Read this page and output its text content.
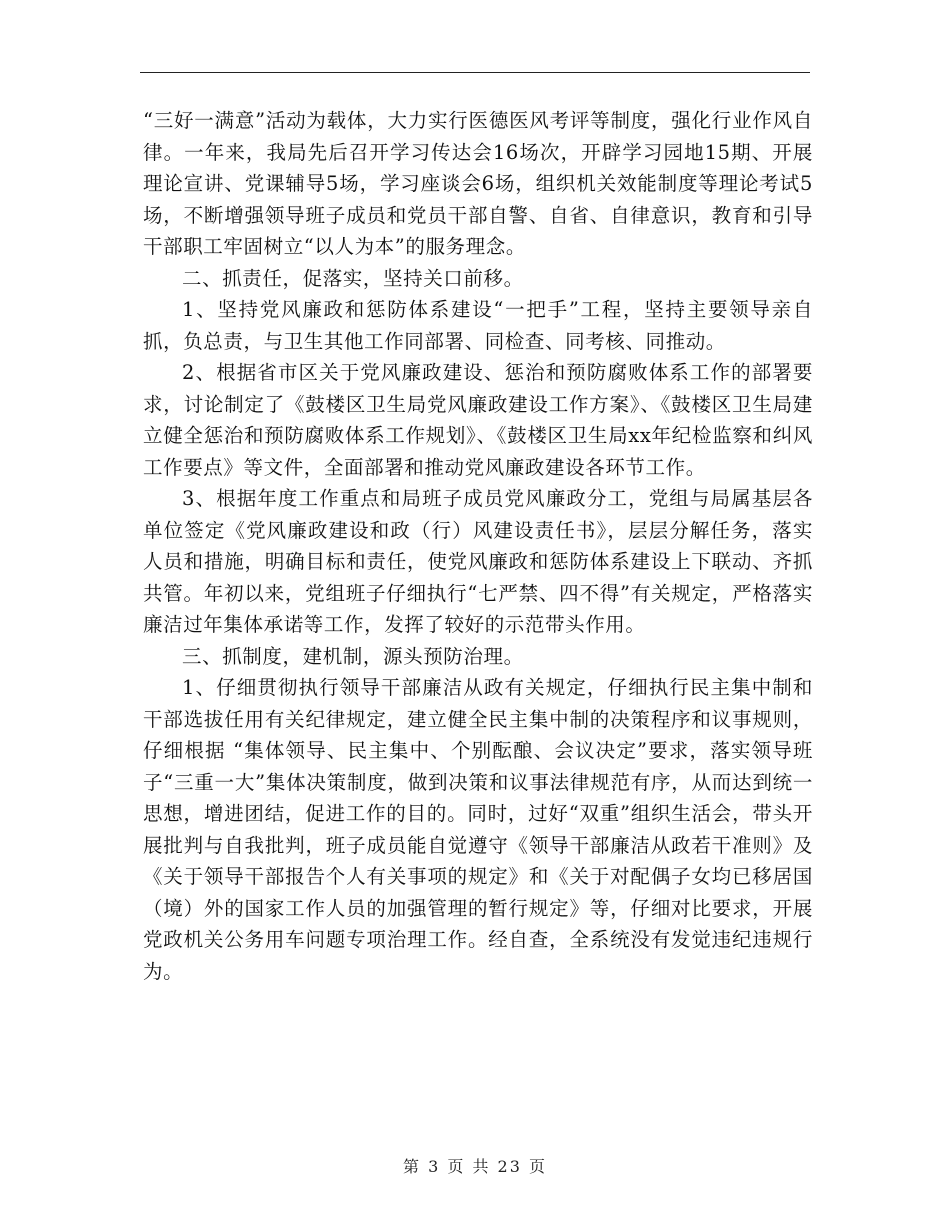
“三好一满意”活动为载体，大力实行医德医风考评等制度，强化行业作风自律。一年来，我局先后召开学习传达会16场次，开辟学习园地15期、开展理论宣讲、党课辅导5场，学习座谈会6场，组织机关效能制度等理论考试5场，不断增强领导班子成员和党员干部自警、自省、自律意识，教育和引导干部职工牢固树立“以人为本”的服务理念。

二、抓责任，促落实，坚持关口前移。

1、坚持党风廉政和惩防体系建设“一把手”工程，坚持主要领导亲自抓，负总责，与卫生其他工作同部署、同检查、同考核、同推动。

2、根据省市区关于党风廉政建设、惩治和预防腐败体系工作的部署要求，讨论制定了《鼓楼区卫生局党风廉政建设工作方案》、《鼓楼区卫生局建立健全惩治和预防腐败体系工作规划》、《鼓楼区卫生局xx年纪检监察和纠风工作要点》等文件，全面部署和推动党风廉政建设各环节工作。

3、根据年度工作重点和局班子成员党风廉政分工，党组与局属基层各单位签定《党风廉政建设和政（行）风建设责任书》，层层分解任务，落实人员和措施，明确目标和责任，使党风廉政和惩防体系建设上下联动、齐抓共管。年初以来，党组班子仔细执行“七严禁、四不得”有关规定，严格落实廉洁过年集体承诺等工作，发挥了较好的示范带头作用。

三、抓制度，建机制，源头预防治理。

1、仔细贯彻执行领导干部廉洁从政有关规定，仔细执行民主集中制和干部选拔任用有关纪律规定，建立健全民主集中制的决策程序和议事规则，仔细根据 “集体领导、民主集中、个别酝酿、会议决定”要求，落实领导班子“三重一大”集体决策制度，做到决策和议事法律规范有序，从而达到统一思想，增进团结，促进工作的目的。同时，过好“双重”组织生活会，带头开展批判与自我批判，班子成员能自觉遵守《领导干部廉洁从政若干准则》及《关于领导干部报告个人有关事项的规定》和《关于对配偶子女均已移居国（境）外的国家工作人员的加强管理的暂行规定》等，仔细对比要求，开展党政机关公务用车问题专项治理工作。经自查，全系统没有发觉违纪违规行为。

第 3 页 共 23 页
